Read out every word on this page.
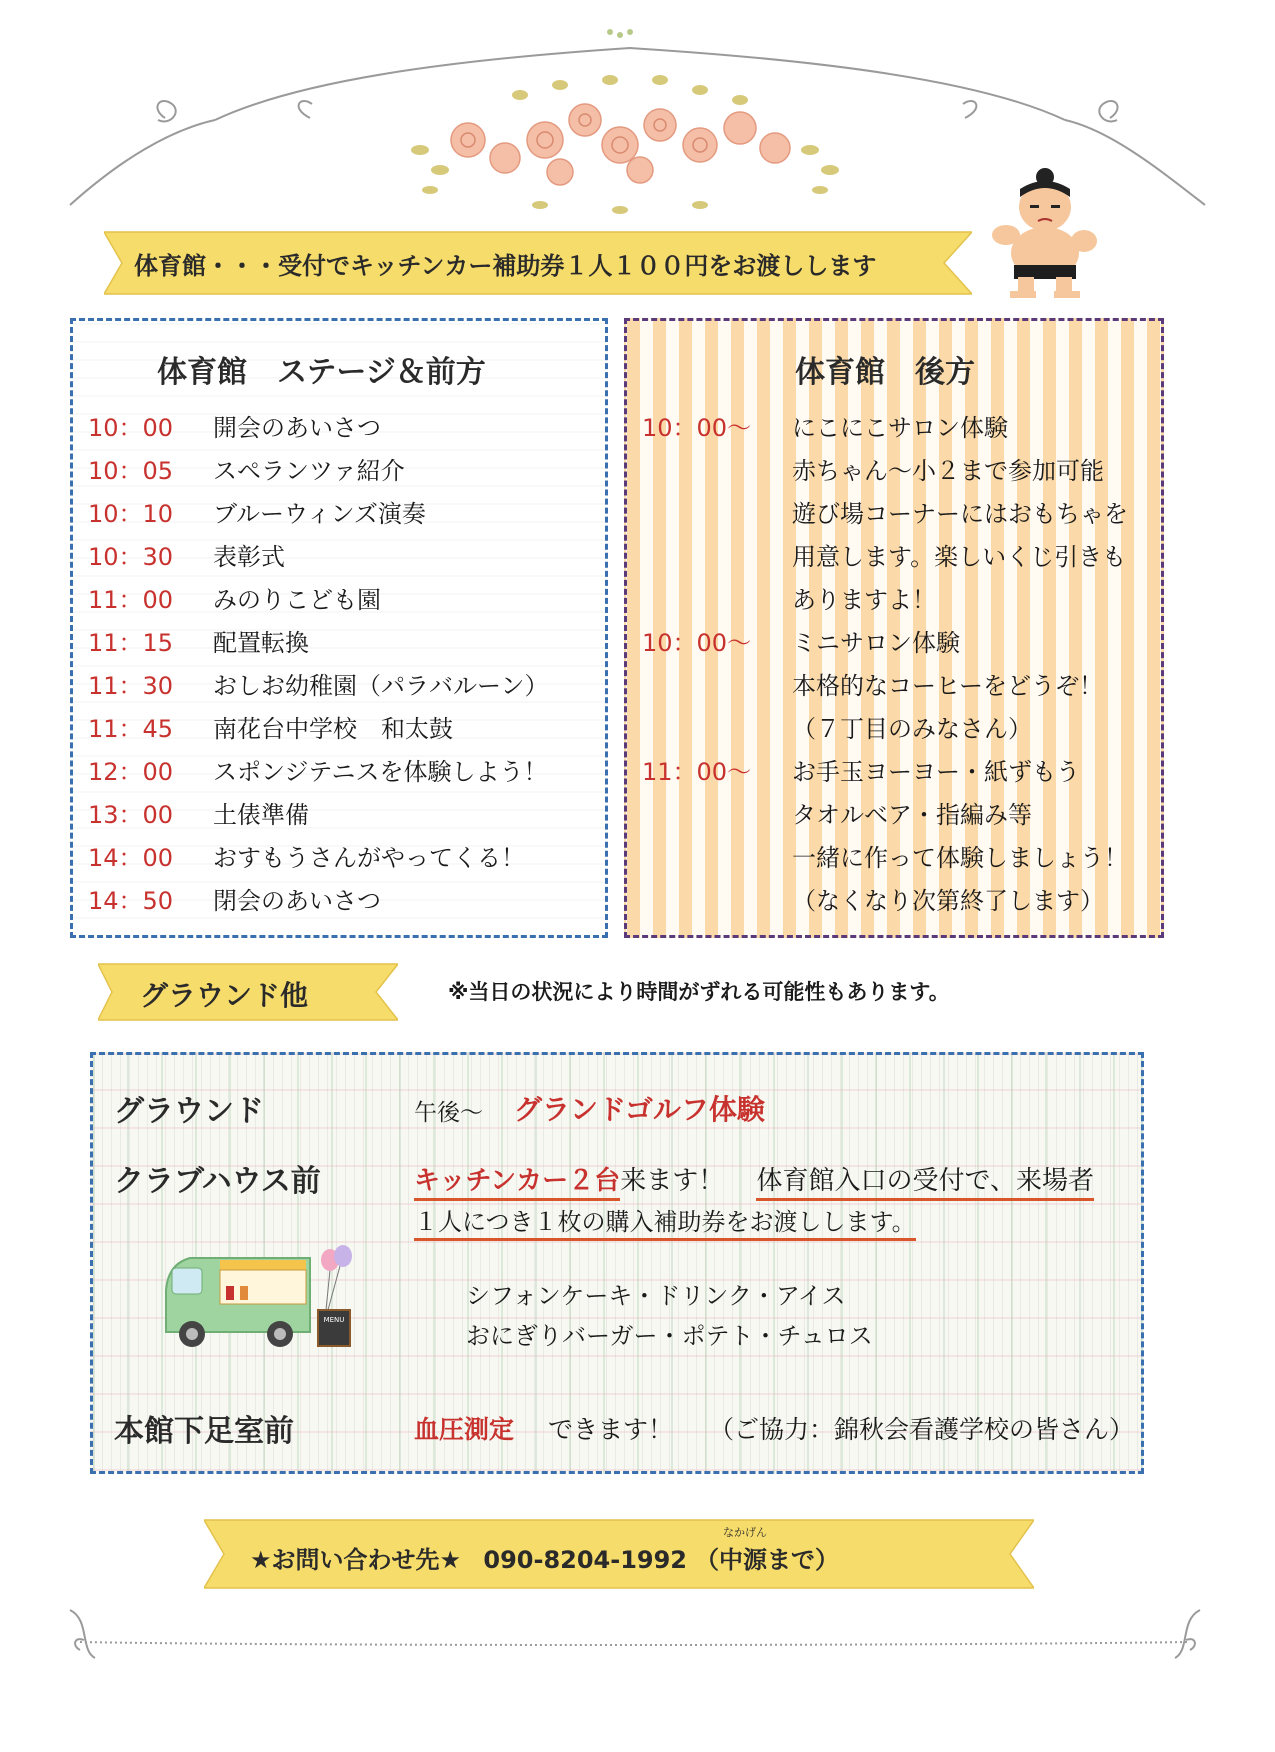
体育館・・・受付でキッチンカー補助券１人１００円をお渡しします
体育館　ステージ＆前方
10：00 開会のあいさつ
10：05 スペランツァ紹介
10：10 ブルーウィンズ演奏
10：30 表彰式
11：00 みのりこども園
11：15 配置転換
11：30 おしお幼稚園（パラバルーン）
11：45 南花台中学校　和太鼓
12：00 スポンジテニスを体験しよう！
13：00 土俵準備
14：00 おすもうさんがやってくる！
14：50 閉会のあいさつ
体育館　後方
10：00～ にこにこサロン体験
赤ちゃん～小２まで参加可能
遊び場コーナーにはおもちゃを
用意します。楽しいくじ引きも
ありますよ！
10：00～ ミニサロン体験
本格的なコーヒーをどうぞ！
（７丁目のみなさん）
11：00～ お手玉ヨーヨー・紙ずもう
タオルベア・指編み等
一緒に作って体験しましょう！
（なくなり次第終了します）
グラウンド他	※当日の状況により時間がずれる可能性もあります。
グラウンド	午後～ グランドゴルフ体験
クラブハウス前	キッチンカー２台来ます！ 体育館入口の受付で、来場者
１人につき１枚の購入補助券をお渡しします。
シフォンケーキ・ドリンク・アイス
おにぎりバーガー・ポテト・チュロス
MENU
本館下足室前	血圧測定 できます！ （ご協力：錦秋会看護学校の皆さん）
★お問い合わせ先★ 090-8204-1992 （
なかげん
中源まで）
